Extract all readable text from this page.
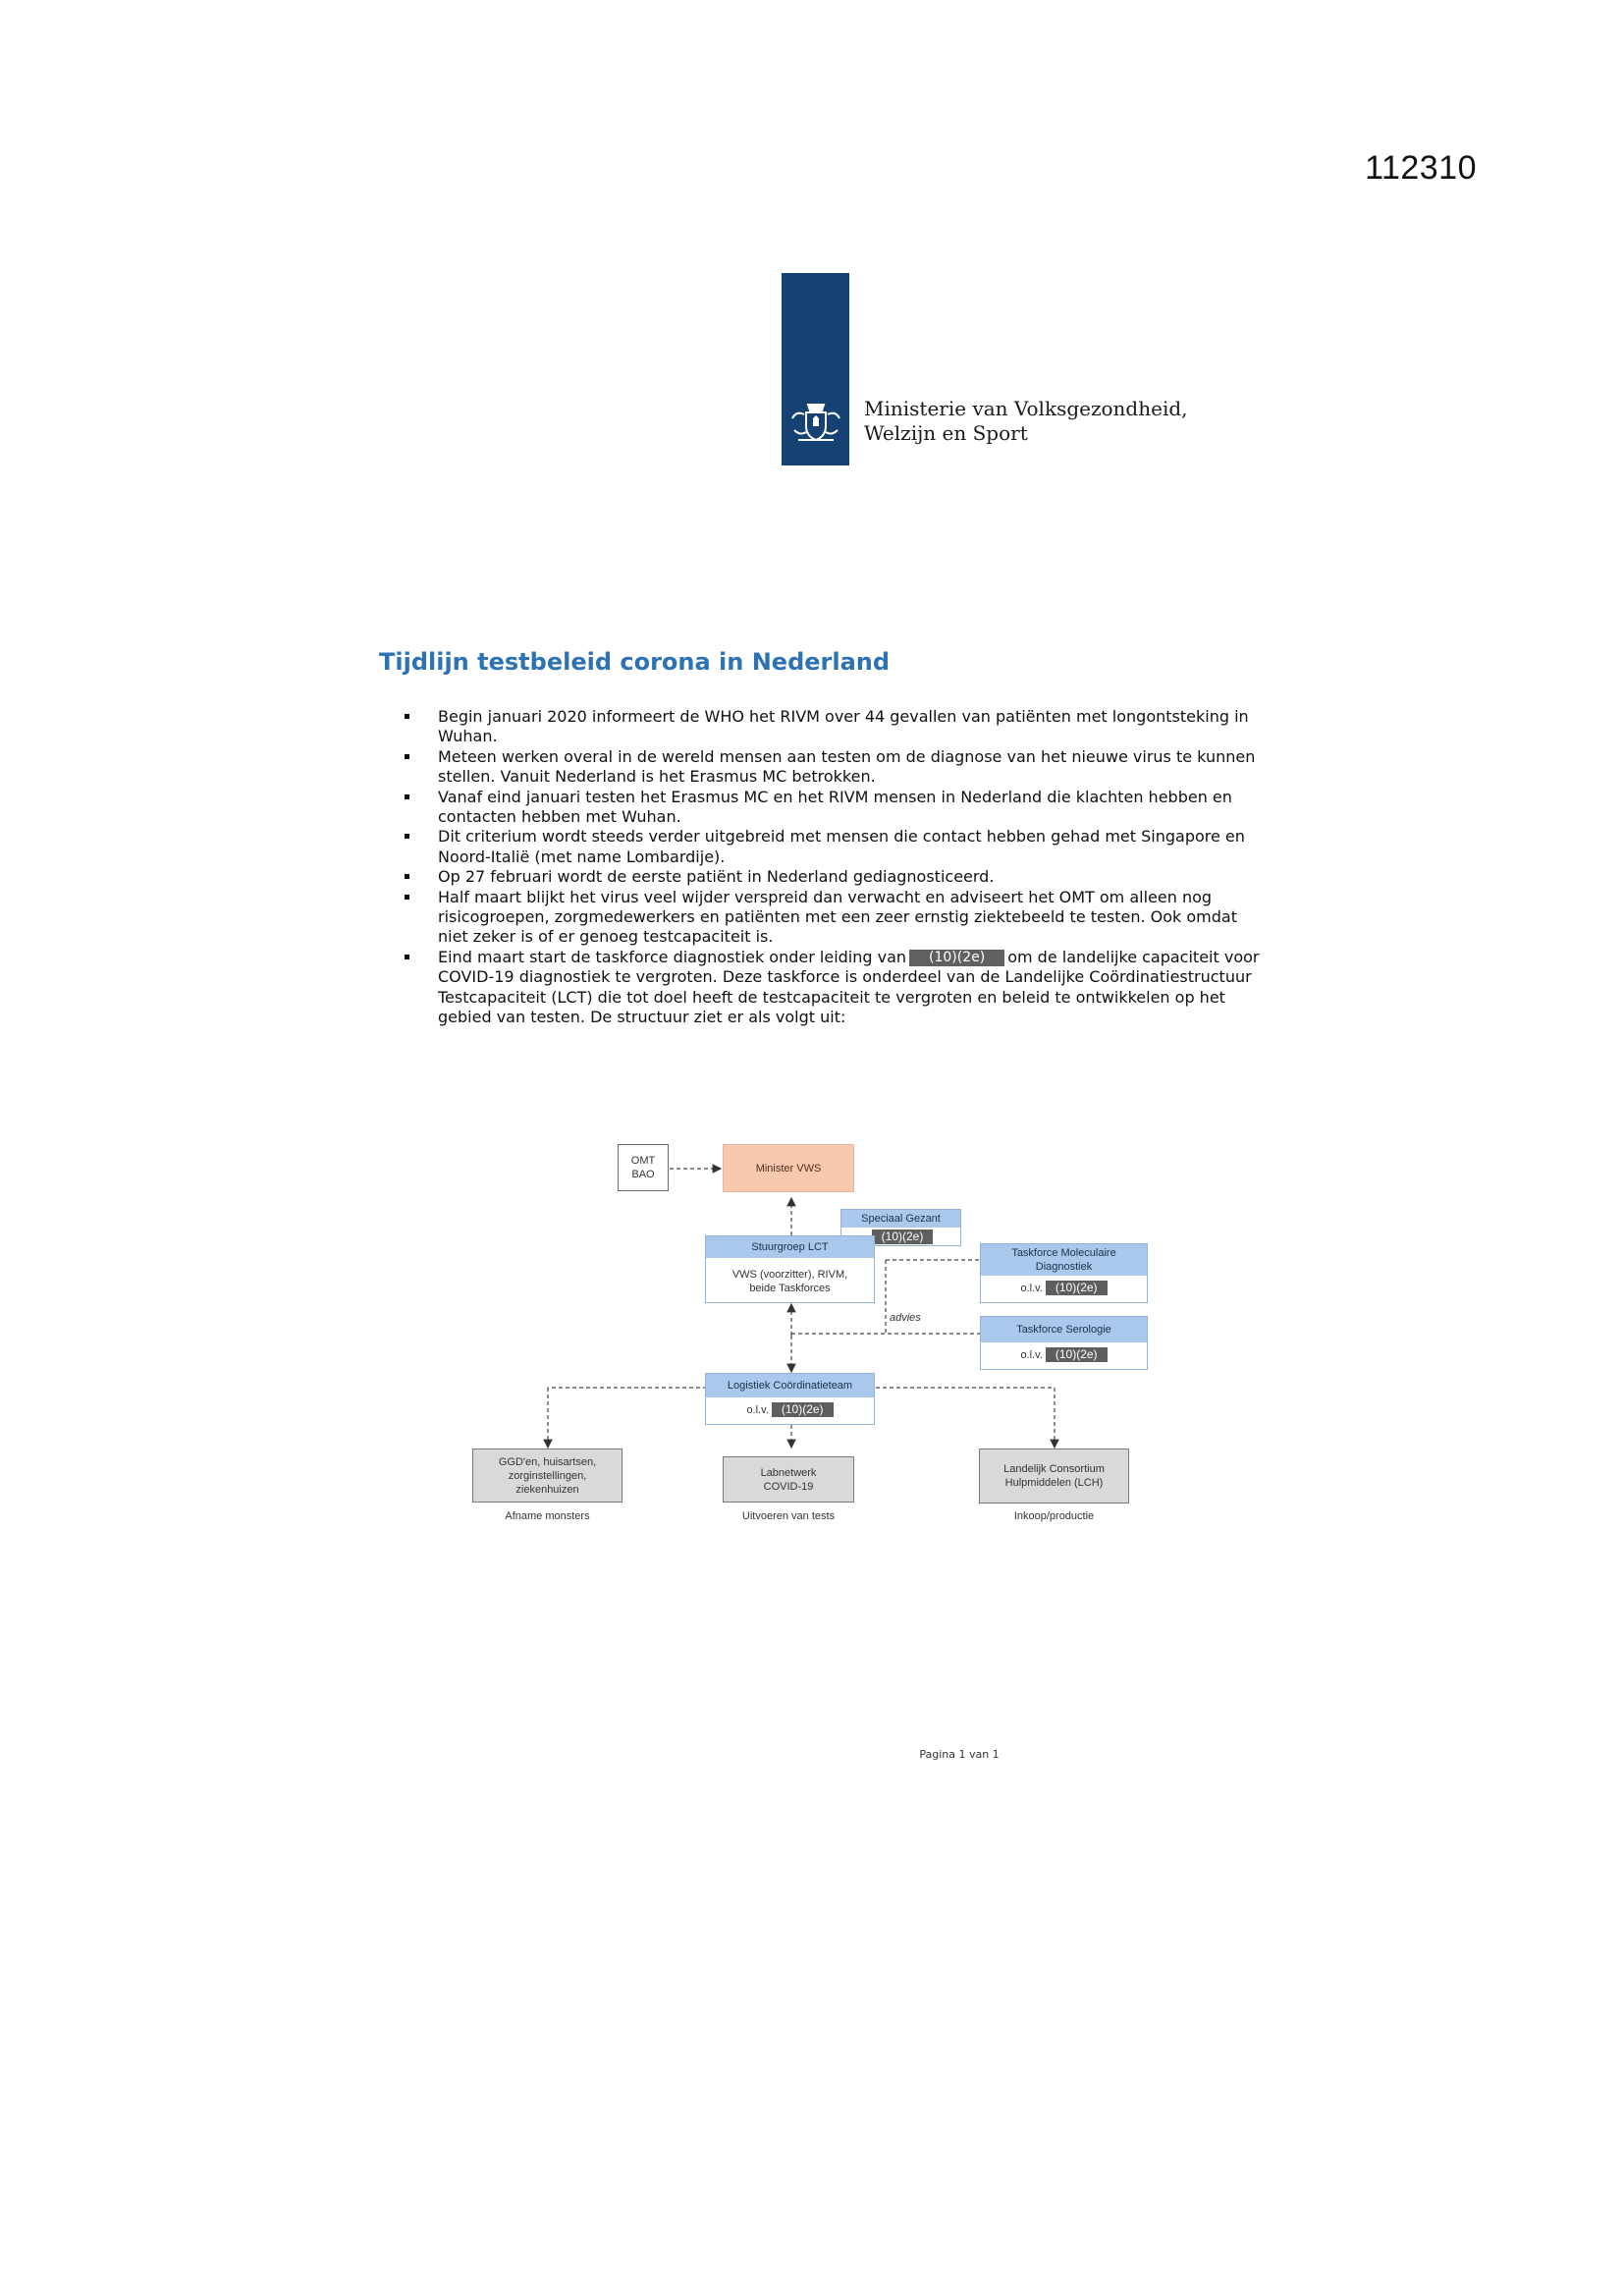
112310
Ministerie van Volksgezondheid,
Welzijn en Sport
Tijdlijn testbeleid corona in Nederland
Begin januari 2020 informeert de WHO het RIVM over 44 gevallen van patiënten met longontsteking in Wuhan.
Meteen werken overal in de wereld mensen aan testen om de diagnose van het nieuwe virus te kunnen stellen. Vanuit Nederland is het Erasmus MC betrokken.
Vanaf eind januari testen het Erasmus MC en het RIVM mensen in Nederland die klachten hebben en contacten hebben met Wuhan.
Dit criterium wordt steeds verder uitgebreid met mensen die contact hebben gehad met Singapore en Noord-Italië (met name Lombardije).
Op 27 februari wordt de eerste patiënt in Nederland gediagnosticeerd.
Half maart blijkt het virus veel wijder verspreid dan verwacht en adviseert het OMT om alleen nog risicogroepen, zorgmedewerkers en patiënten met een zeer ernstig ziektebeeld te testen. Ook omdat niet zeker is of er genoeg testcapaciteit is.
Eind maart start de taskforce diagnostiek onder leiding van (10)(2e) om de landelijke capaciteit voor COVID-19 diagnostiek te vergroten. Deze taskforce is onderdeel van de Landelijke Coördinatiestructuur Testcapaciteit (LCT) die tot doel heeft de testcapaciteit te vergroten en beleid te ontwikkelen op het gebied van testen. De structuur ziet er als volgt uit:
OMT
BAO
Minister VWS
Speciaal Gezant
(10)(2e)
Stuurgroep LCT
VWS (voorzitter), RIVM,
beide Taskforces
Taskforce Moleculaire
Diagnostiek
o.l.v.	(10)(2e)
advies
Taskforce Serologie
o.l.v.	(10)(2e)
Logistiek Coördinatieteam
o.l.v.	(10)(2e)
GGD'en, huisartsen,
zorginstellingen,
ziekenhuizen
Labnetwerk
COVID-19
Landelijk Consortium
Hulpmiddelen (LCH)
Afname monsters	Uitvoeren van tests	Inkoop/productie
Pagina 1 van 1
